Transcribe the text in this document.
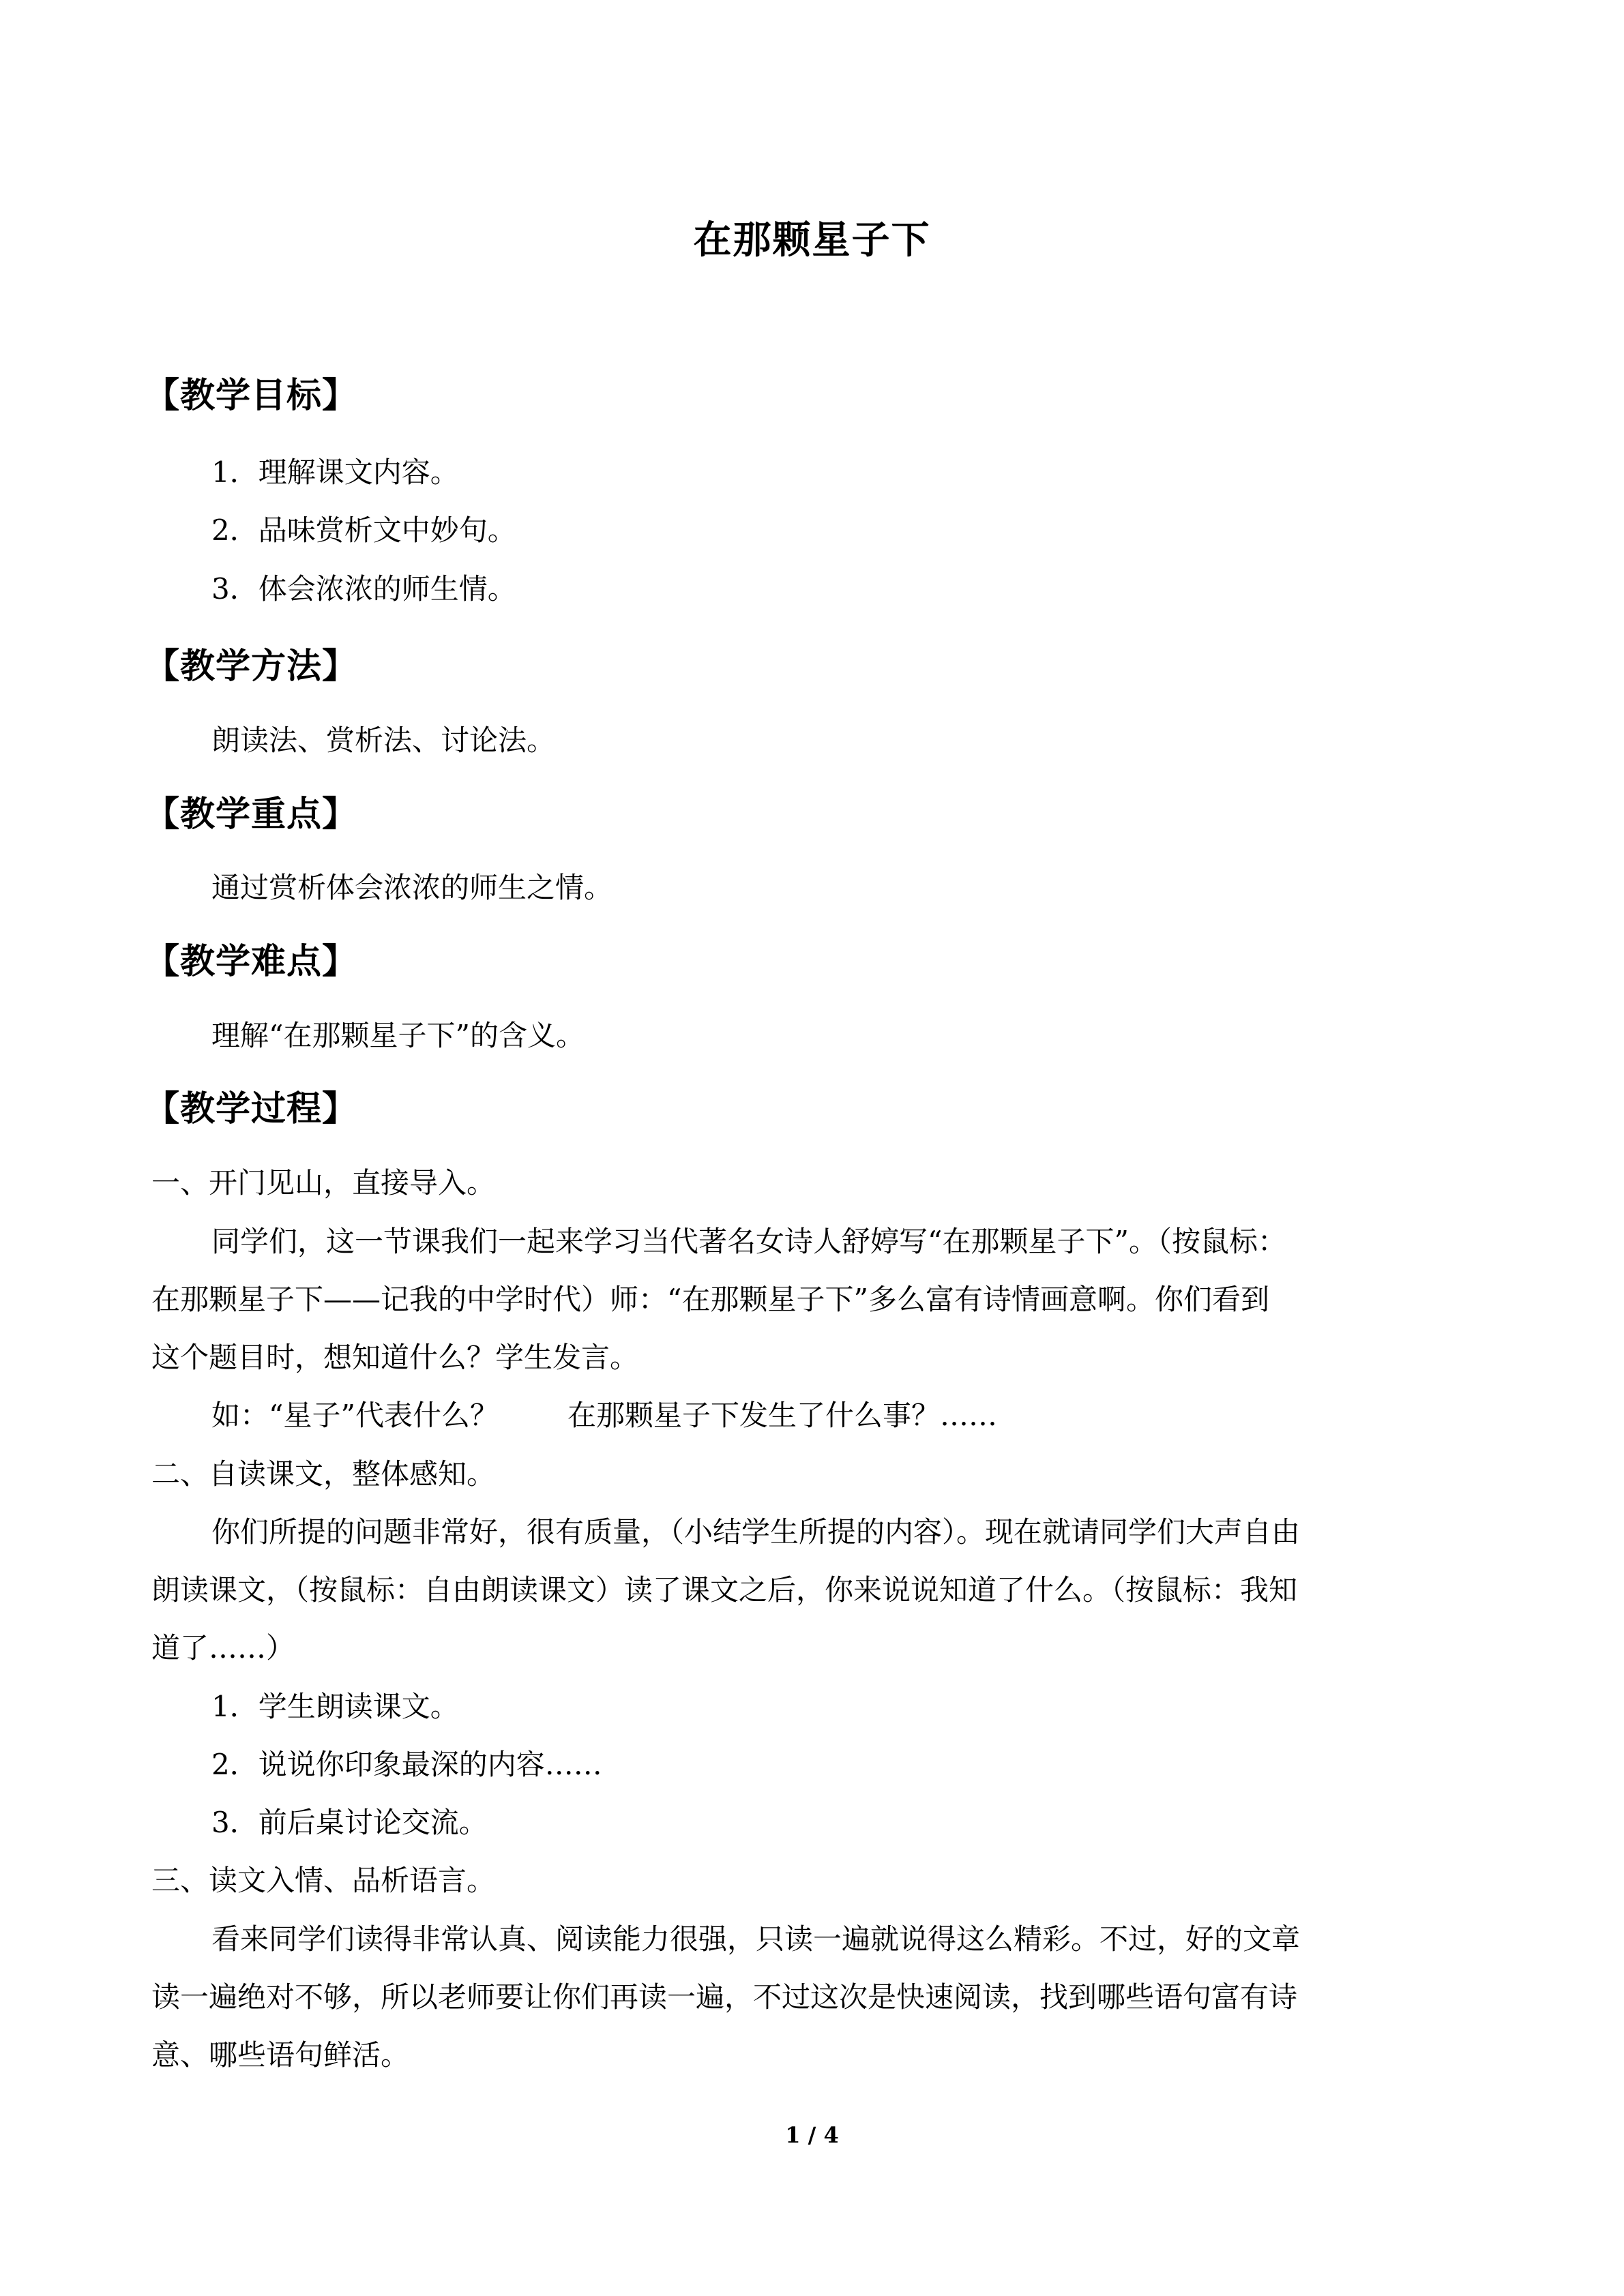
在那颗星子下
【教学目标】
1．理解课文内容。
2．品味赏析文中妙句。
3．体会浓浓的师生情。
【教学方法】
朗读法、赏析法、讨论法。
【教学重点】
通过赏析体会浓浓的师生之情。
【教学难点】
理解“在那颗星子下”的含义。
【教学过程】
一、开门见山，直接导入。
同学们，这一节课我们一起来学习当代著名女诗人舒婷写“在那颗星子下”。（按鼠标：
在那颗星子下——记我的中学时代）师：“在那颗星子下”多么富有诗情画意啊。你们看到
这个题目时，想知道什么？学生发言。
如：“星子”代表什么？ 在那颗星子下发生了什么事？……
二、自读课文，整体感知。
你们所提的问题非常好，很有质量，（小结学生所提的内容）。现在就请同学们大声自由
朗读课文，（按鼠标：自由朗读课文）读了课文之后，你来说说知道了什么。（按鼠标：我知
道了……）
1．学生朗读课文。
2．说说你印象最深的内容……
3．前后桌讨论交流。
三、读文入情、品析语言。
看来同学们读得非常认真、阅读能力很强，只读一遍就说得这么精彩。不过，好的文章
读一遍绝对不够，所以老师要让你们再读一遍，不过这次是快速阅读，找到哪些语句富有诗
意、哪些语句鲜活。
1 / 4
